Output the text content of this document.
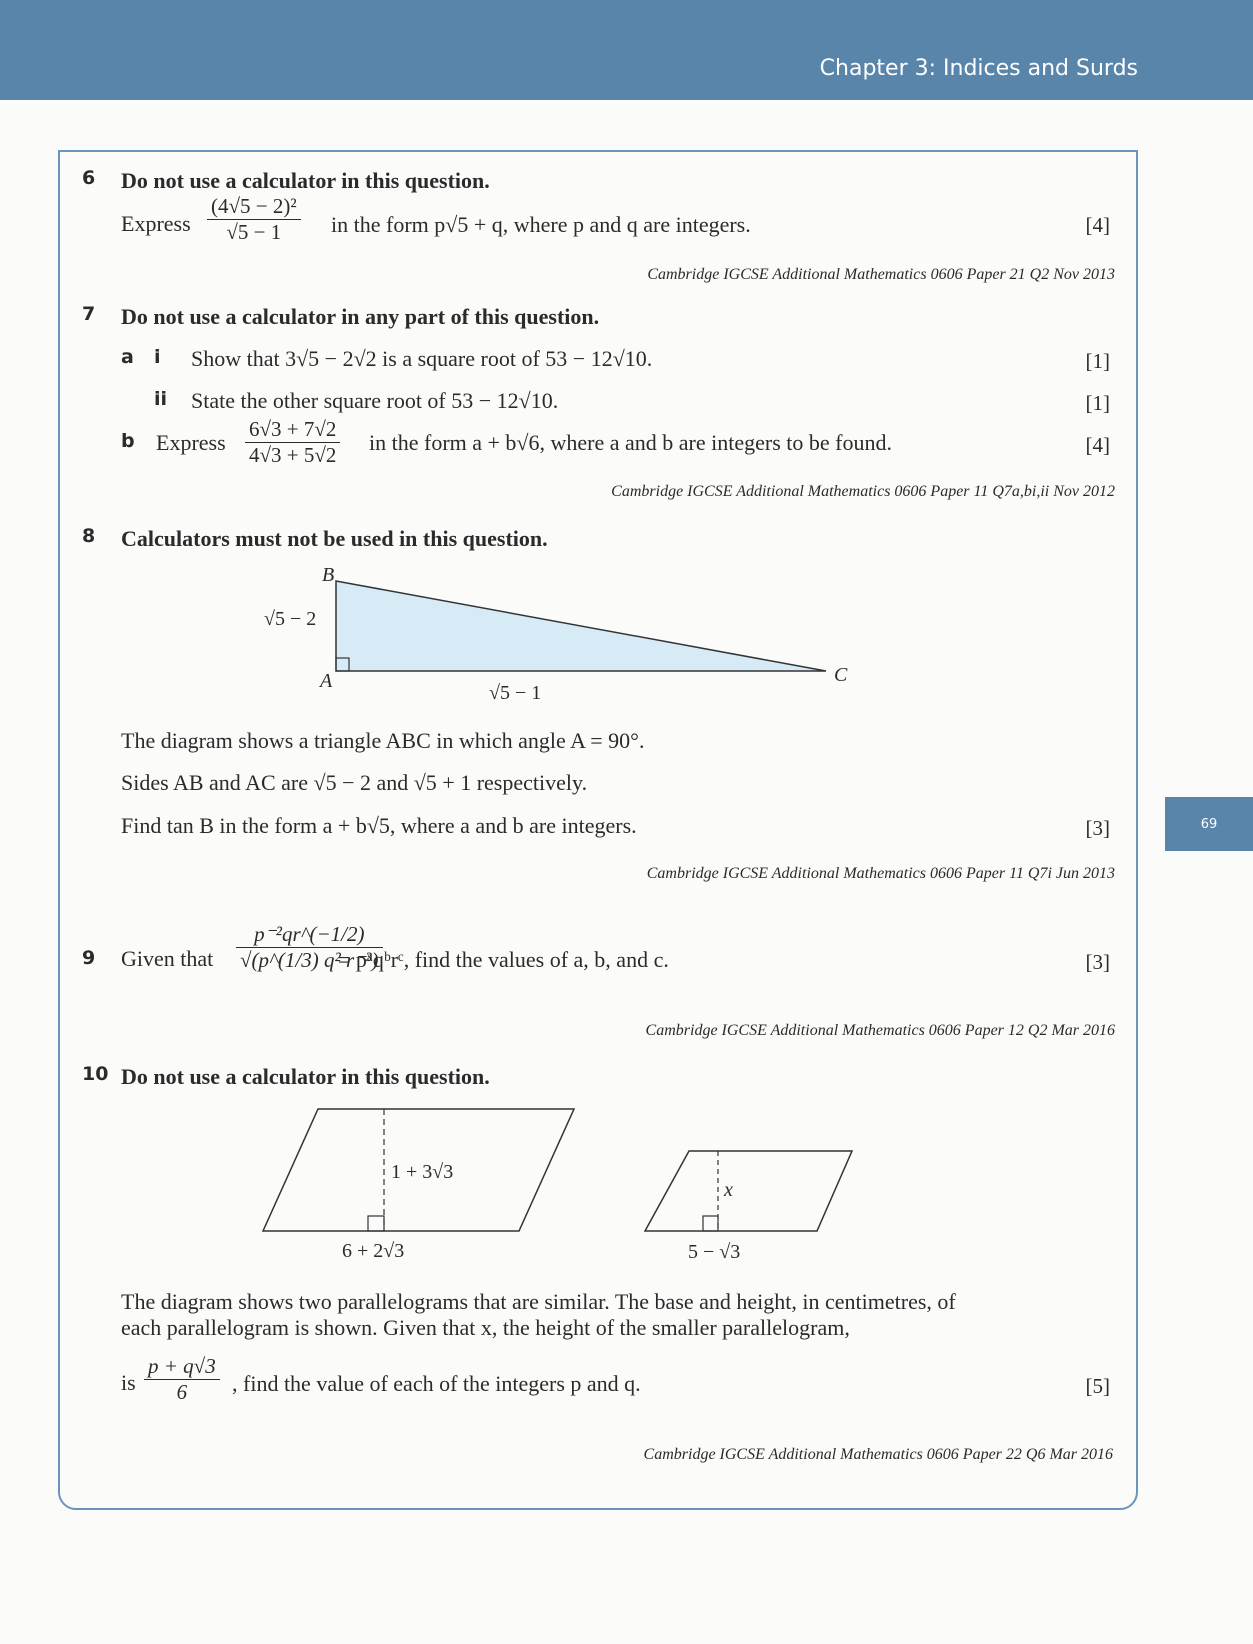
Chapter 3: Indices and Surds
69
6 Do not use a calculator in this question.
Express $\frac{\text{(4√5 − 2)²}}{√5 - 1}$ in the form p√5 + q, where p and q are integers.	[4]
Cambridge IGCSE Additional Mathematics 0606 Paper 21 Q2 Nov 2013
7 Do not use a calculator in any part of this question.
a i Show that 3√5 − 2√2 is a square root of 53 − 12√10.	[1]
ii State the other square root of 53 − 12√10.	[1]
b Express $\frac{6√3 + 7√2}{4√3 + 5√2}$ in the form a + b√6, where a and b are integers to be found.	[4]
Cambridge IGCSE Additional Mathematics 0606 Paper 11 Q7a,bi,ii Nov 2012
8 Calculators must not be used in this question.
B
A	C
√5 − 2
√5 − 1
The diagram shows a triangle ABC in which angle A = 90°.
Sides AB and AC are √5 − 2 and √5 + 1 respectively.
Find tan B in the form a + b√5, where a and b are integers.	[3]
Cambridge IGCSE Additional Mathematics 0606 Paper 11 Q7i Jun 2013
9 Given that $\frac{\text{p⁻²qr\textasciicircum{}(−1/2)}}{\text{√(p\textasciicircum{}(1/3) q² r⁻³)}}$
= pᵃqᵇrᶜ, find the values of a, b, and c.	[3]
Cambridge IGCSE Additional Mathematics 0606 Paper 12 Q2 Mar 2016
10 Do not use a calculator in this question.
1 + 3√3
6 + 2√3
x
5 − √3
The diagram shows two parallelograms that are similar. The base and height, in centimetres, of
each parallelogram is shown. Given that x, the height of the smaller parallelogram,
is $\frac{p + q√3}{6}$ , find the value of each of the integers p and q.	[5]
Cambridge IGCSE Additional Mathematics 0606 Paper 22 Q6 Mar 2016
